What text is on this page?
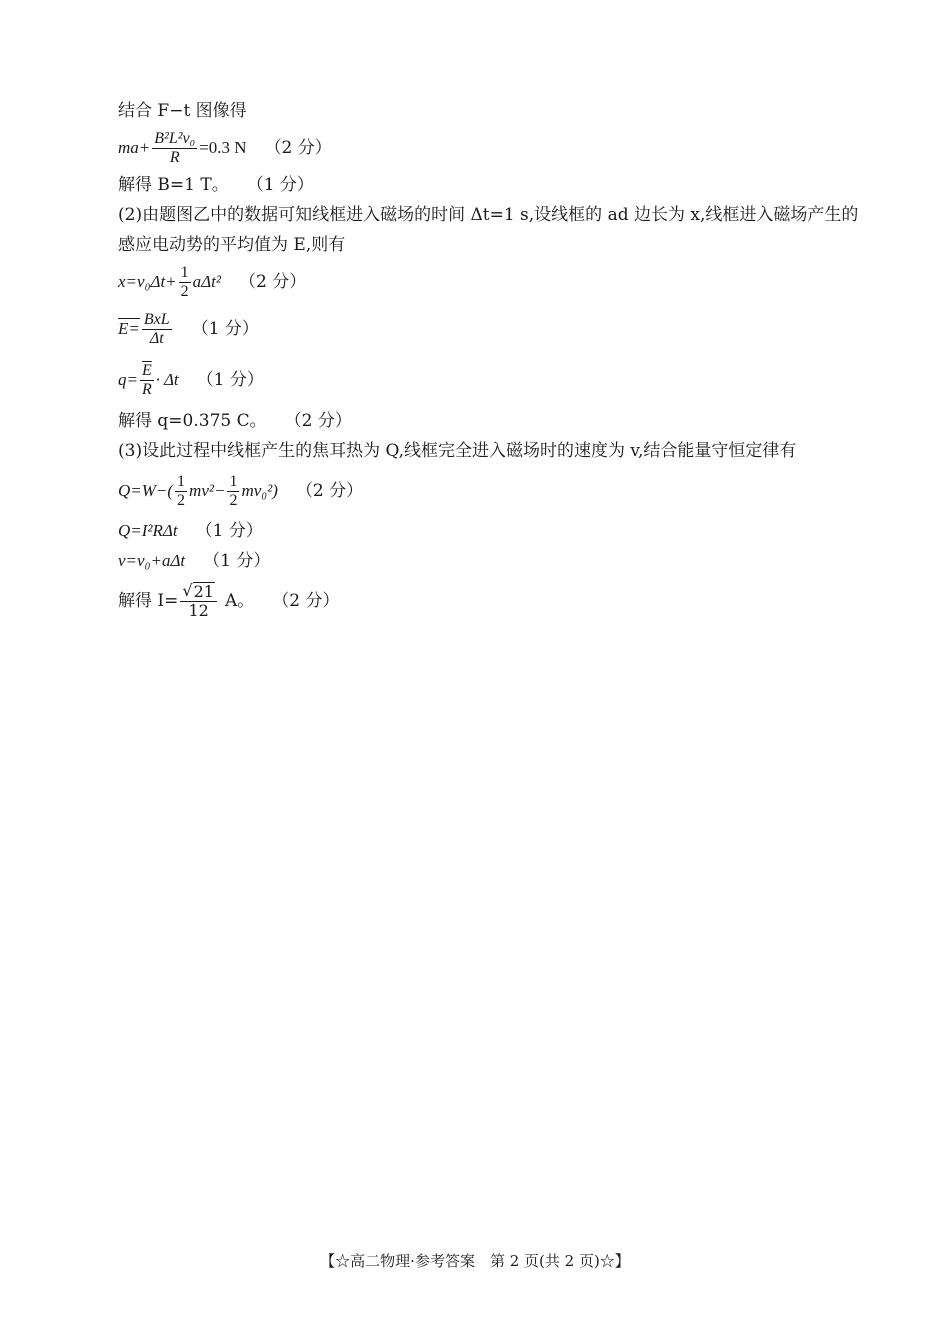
结合 F−t 图像得
$ma+ \frac{\text{B²L²v₀}}{R} =0.3$ N （2 分）
解得 B=1 T。 （1 分）
(2)由题图乙中的数据可知线框进入磁场的时间 Δt=1 s,设线框的 ad 边长为 x,线框进入磁场产生的感应电动势的平均值为 E,则有
$x=v_0\Delta t+ \frac{1}{2} a\Delta t^2$ （2 分）
$E= \frac{\text{BxL}}{\Delta t} (1$ 分）
$q= \frac{\overline{E}}{R} \cdot \Delta t$ （1 分）
解得 q=0.375 C。 （2 分）
(3)设此过程中线框产生的焦耳热为 Q,线框完全进入磁场时的速度为 v,结合能量守恒定律有
$Q=W-( \frac{1}{2} mv^2- \frac{1}{2} mv_0^2)$ （2 分）
Q=I²RΔt （1 分）
v=v₀+aΔt （1 分）
解得 $I= \frac{√ 21}{12}$ A。 （2 分）
【☆高二物理·参考答案　第 2 页(共 2 页)☆】
